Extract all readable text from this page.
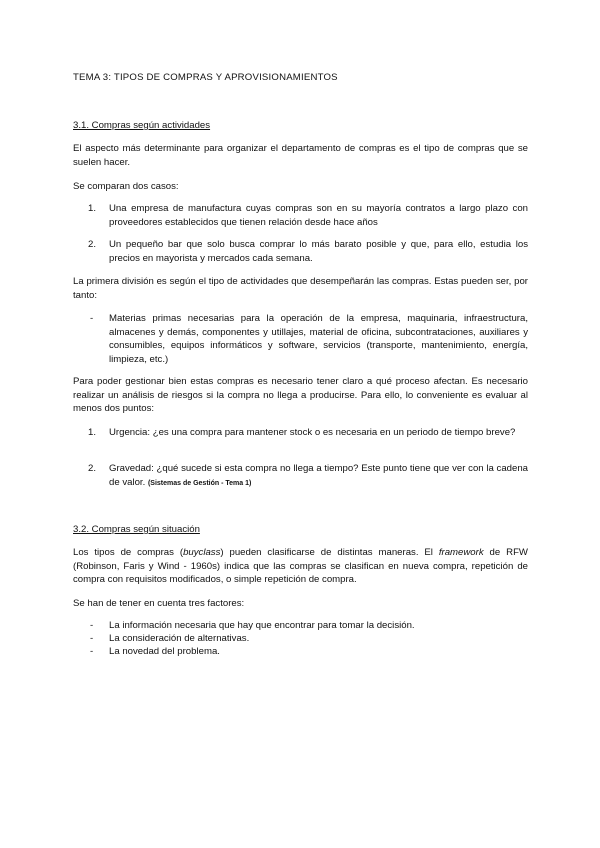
TEMA 3: TIPOS DE COMPRAS Y APROVISIONAMIENTOS
3.1. Compras según actividades
El aspecto más determinante para organizar el departamento de compras es el tipo de compras que se suelen hacer.
Se comparan dos casos:
1. Una empresa de manufactura cuyas compras son en su mayoría contratos a largo plazo con proveedores establecidos que tienen relación desde hace años
2. Un pequeño bar que solo busca comprar lo más barato posible y que, para ello, estudia los precios en mayorista y mercados cada semana.
La primera división es según el tipo de actividades que desempeñarán las compras. Estas pueden ser, por tanto:
- Materias primas necesarias para la operación de la empresa, maquinaria, infraestructura, almacenes y demás, componentes y utillajes, material de oficina, subcontrataciones, auxiliares y consumibles, equipos informáticos y software, servicios (transporte, mantenimiento, energía, limpieza, etc.)
Para poder gestionar bien estas compras es necesario tener claro a qué proceso afectan. Es necesario realizar un análisis de riesgos si la compra no llega a producirse. Para ello, lo conveniente es evaluar al menos dos puntos:
1. Urgencia: ¿es una compra para mantener stock o es necesaria en un periodo de tiempo breve?
2. Gravedad: ¿qué sucede si esta compra no llega a tiempo? Este punto tiene que ver con la cadena de valor. (Sistemas de Gestión - Tema 1)
3.2. Compras según situación
Los tipos de compras (buyclass) pueden clasificarse de distintas maneras. El framework de RFW (Robinson, Faris y Wind - 1960s) indica que las compras se clasifican en nueva compra, repetición de compra con requisitos modificados, o simple repetición de compra.
Se han de tener en cuenta tres factores:
- La información necesaria que hay que encontrar para tomar la decisión.
- La consideración de alternativas.
- La novedad del problema.
